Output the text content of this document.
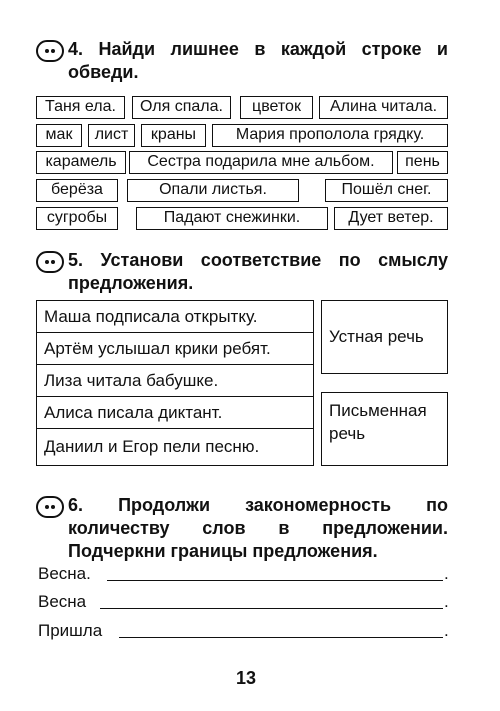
4. Найди лишнее в каждой строке и обведи.
Таня ела.	Оля спала.	цветок	Алина читала.
мак	лист	краны	Мария прополола грядку.
карамель	Сестра подарила мне альбом.	пень
берёза	Опали листья.	Пошёл снег.
сугробы	Падают снежинки.	Дует ветер.
5. Установи соответствие по смыслу предложения.
Маша подписала открытку.
Артём услышал крики ребят.
Лиза читала бабушке.
Алиса писала диктант.
Даниил и Егор пели песню.
Устная речь
Письменная речь
6. Продолжи закономерность по количеству слов в предложении. Подчеркни границы предложения.
Весна.	.
Весна	.
Пришла	.
13
